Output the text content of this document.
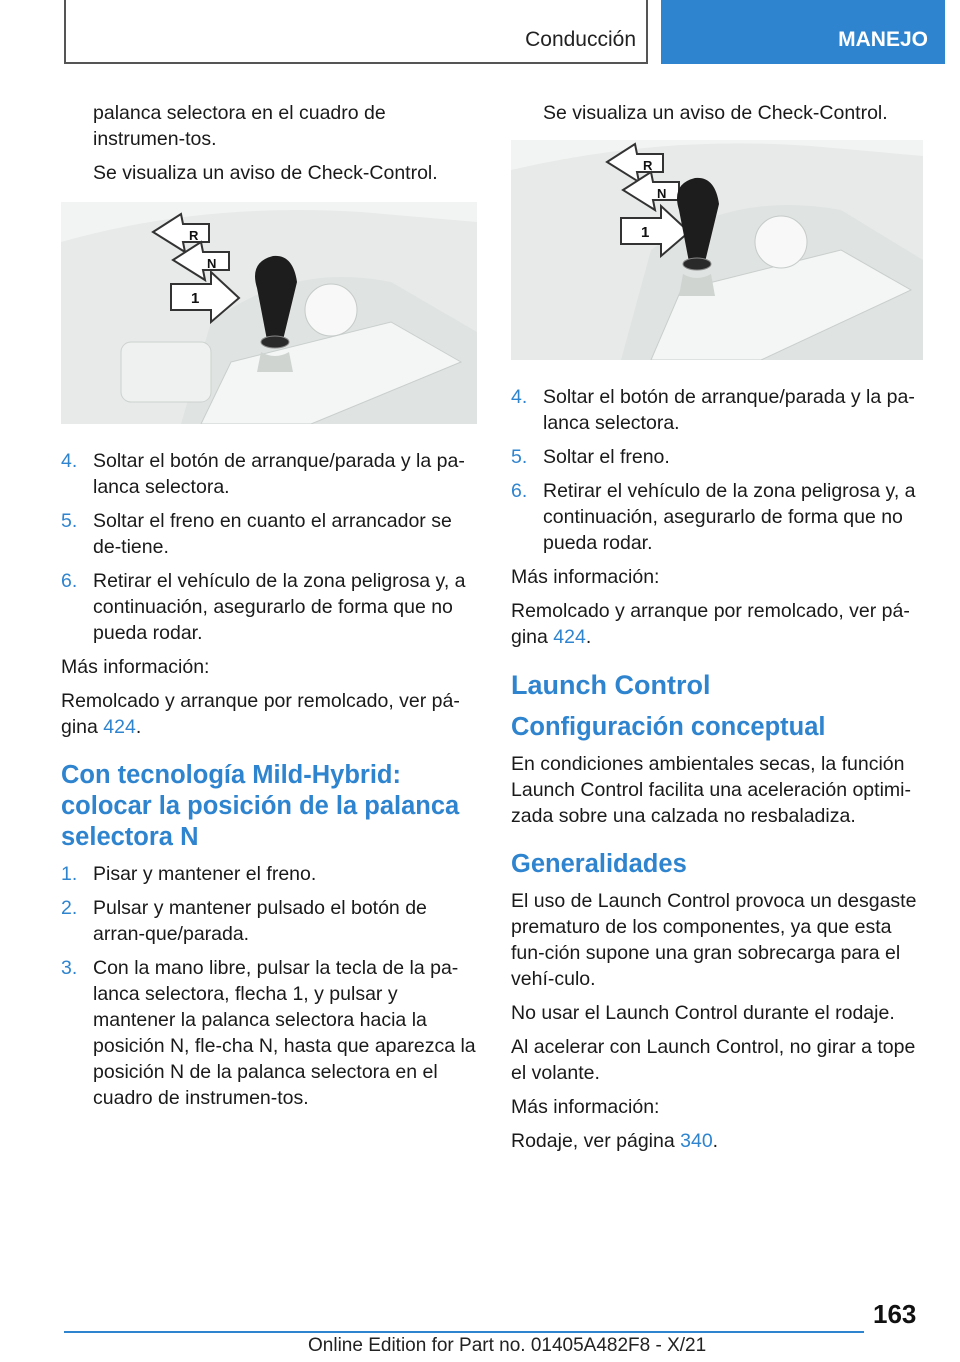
Conducción	MANEJO

palanca selectora en el cuadro de instrumen-tos.

Se visualiza un aviso de Check-Control.

R
N
1
4. Soltar el botón de arranque/parada y la pa-lanca selectora.
5. Soltar el freno en cuanto el arrancador se de-tiene.
6. Retirar el vehículo de la zona peligrosa y, a continuación, asegurarlo de forma que no pueda rodar.

Más información:

Remolcado y arranque por remolcado, ver pá-gina 424.

Con tecnología Mild-Hybrid: colocar la posición de la palanca selectora N
1. Pisar y mantener el freno.
2. Pulsar y mantener pulsado el botón de arran-que/parada.
3. Con la mano libre, pulsar la tecla de la pa-lanca selectora, flecha 1, y pulsar y mantener la palanca selectora hacia la posición N, fle-cha N, hasta que aparezca la posición N de la palanca selectora en el cuadro de instrumen-tos.

Se visualiza un aviso de Check-Control.

R
N
1
4. Soltar el botón de arranque/parada y la pa-lanca selectora.
5. Soltar el freno.
6. Retirar el vehículo de la zona peligrosa y, a continuación, asegurarlo de forma que no pueda rodar.

Más información:

Remolcado y arranque por remolcado, ver pá-gina 424.

Launch Control
Configuración conceptual

En condiciones ambientales secas, la función Launch Control facilita una aceleración optimi-zada sobre una calzada no resbaladiza.

Generalidades

El uso de Launch Control provoca un desgaste prematuro de los componentes, ya que esta fun-ción supone una gran sobrecarga para el vehí-culo.

No usar el Launch Control durante el rodaje.

Al acelerar con Launch Control, no girar a tope el volante.

Más información:

Rodaje, ver página 340.

163
Online Edition for Part no. 01405A482F8 - X/21
